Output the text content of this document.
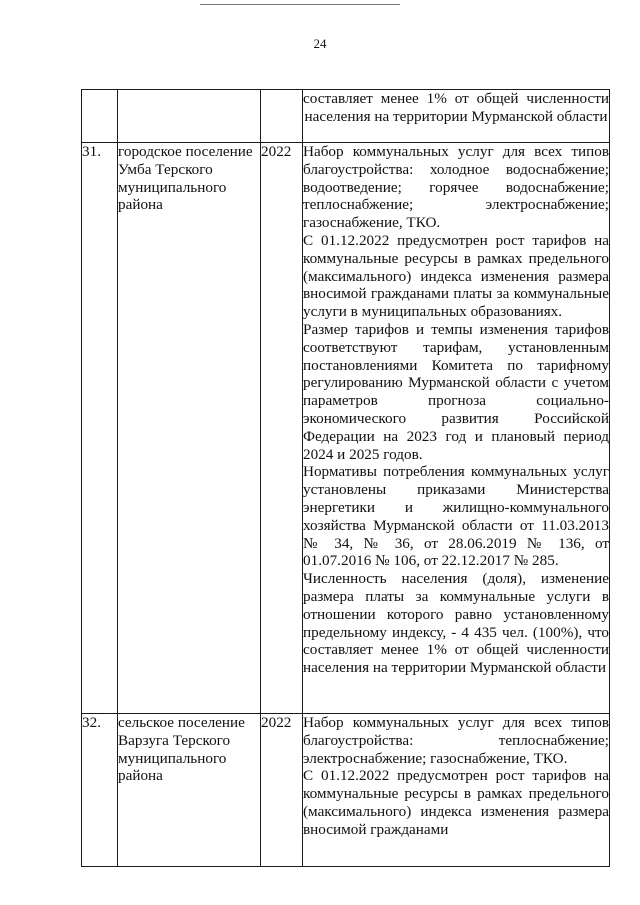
24

			составляет менее 1% от общей численности населения на территории Мурманской области

31.	городское поселение Умба Терского муниципального района	2022	Набор коммунальных услуг для всех типов благоустройства: холодное водоснабжение; водоотведение; горячее водоснабжение; теплоснабжение; электроснабжение; газоснабжение, ТКО.

С 01.12.2022 предусмотрен рост тарифов на коммунальные ресурсы в рамках предельного (максимального) индекса изменения размера вносимой гражданами платы за коммунальные услуги в муниципальных образованиях.

Размер тарифов и темпы изменения тарифов соответствуют тарифам, установленным постановлениями Комитета по тарифному регулированию Мурманской области с учетом параметров прогноза социально-экономического развития Российской Федерации на 2023 год и плановый период 2024 и 2025 годов.

Нормативы потребления коммунальных услуг установлены приказами Министерства энергетики и жилищно-коммунального хозяйства Мурманской области от 11.03.2013 № 34, № 36, от 28.06.2019 № 136, от 01.07.2016 № 106, от 22.12.2017 № 285.

Численность населения (доля), изменение размера платы за коммунальные услуги в отношении которого равно установленному предельному индексу, - 4 435 чел. (100%), что составляет менее 1% от общей численности населения на территории Мурманской области

32.	сельское поселение Варзуга Терского муниципального района	2022	Набор коммунальных услуг для всех типов благоустройства: теплоснабжение; электроснабжение; газоснабжение, ТКО.

С 01.12.2022 предусмотрен рост тарифов на коммунальные ресурсы в рамках предельного (максимального) индекса изменения размера вносимой гражданами
